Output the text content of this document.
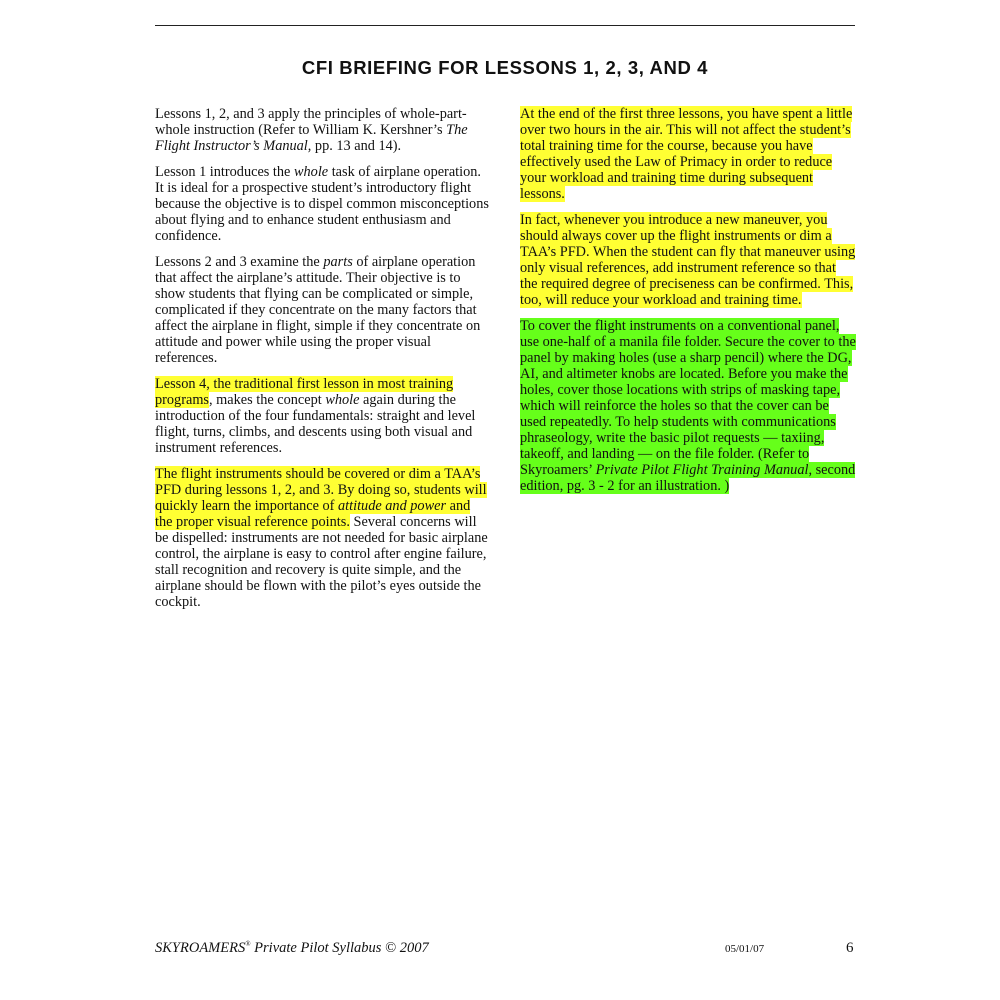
CFI BRIEFING FOR LESSONS 1, 2, 3, AND 4

Lessons 1, 2, and 3 apply the principles of whole-part-whole instruction (Refer to William K. Kershner’s The Flight Instructor’s Manual, pp. 13 and 14).

Lesson 1 introduces the whole task of airplane operation. It is ideal for a prospective student’s introductory flight because the objective is to dispel common misconceptions about flying and to enhance student enthusiasm and confidence.

Lessons 2 and 3 examine the parts of airplane operation that affect the airplane’s attitude. Their objective is to show students that flying can be complicated or simple, complicated if they concentrate on the many factors that affect the airplane in flight, simple if they concentrate on attitude and power while using the proper visual references.

Lesson 4, the traditional first lesson in most training programs, makes the concept whole again during the introduction of the four fundamentals: straight and level flight, turns, climbs, and descents using both visual and instrument references.

The flight instruments should be covered or dim a TAA’s PFD during lessons 1, 2, and 3. By doing so, students will quickly learn the importance of attitude and power and the proper visual reference points. Several concerns will be dispelled: instruments are not needed for basic airplane control, the airplane is easy to control after engine failure, stall recognition and recovery is quite simple, and the airplane should be flown with the pilot’s eyes outside the cockpit.

At the end of the first three lessons, you have spent a little over two hours in the air. This will not affect the student’s total training time for the course, because you have effectively used the Law of Primacy in order to reduce your workload and training time during subsequent lessons.

In fact, whenever you introduce a new maneuver, you should always cover up the flight instruments or dim a TAA’s PFD. When the student can fly that maneuver using only visual references, add instrument reference so that the required degree of preciseness can be confirmed. This, too, will reduce your workload and training time.

To cover the flight instruments on a conventional panel, use one-half of a manila file folder. Secure the cover to the panel by making holes (use a sharp pencil) where the DG, AI, and altimeter knobs are located. Before you make the holes, cover those locations with strips of masking tape, which will reinforce the holes so that the cover can be used repeatedly. To help students with communications phraseology, write the basic pilot requests — taxiing, takeoff, and landing — on the file folder. (Refer to Skyroamers’ Private Pilot Flight Training Manual, second edition, pg. 3 - 2 for an illustration. )

SKYROAMERS® Private Pilot Syllabus © 2007	05/01/07	6
